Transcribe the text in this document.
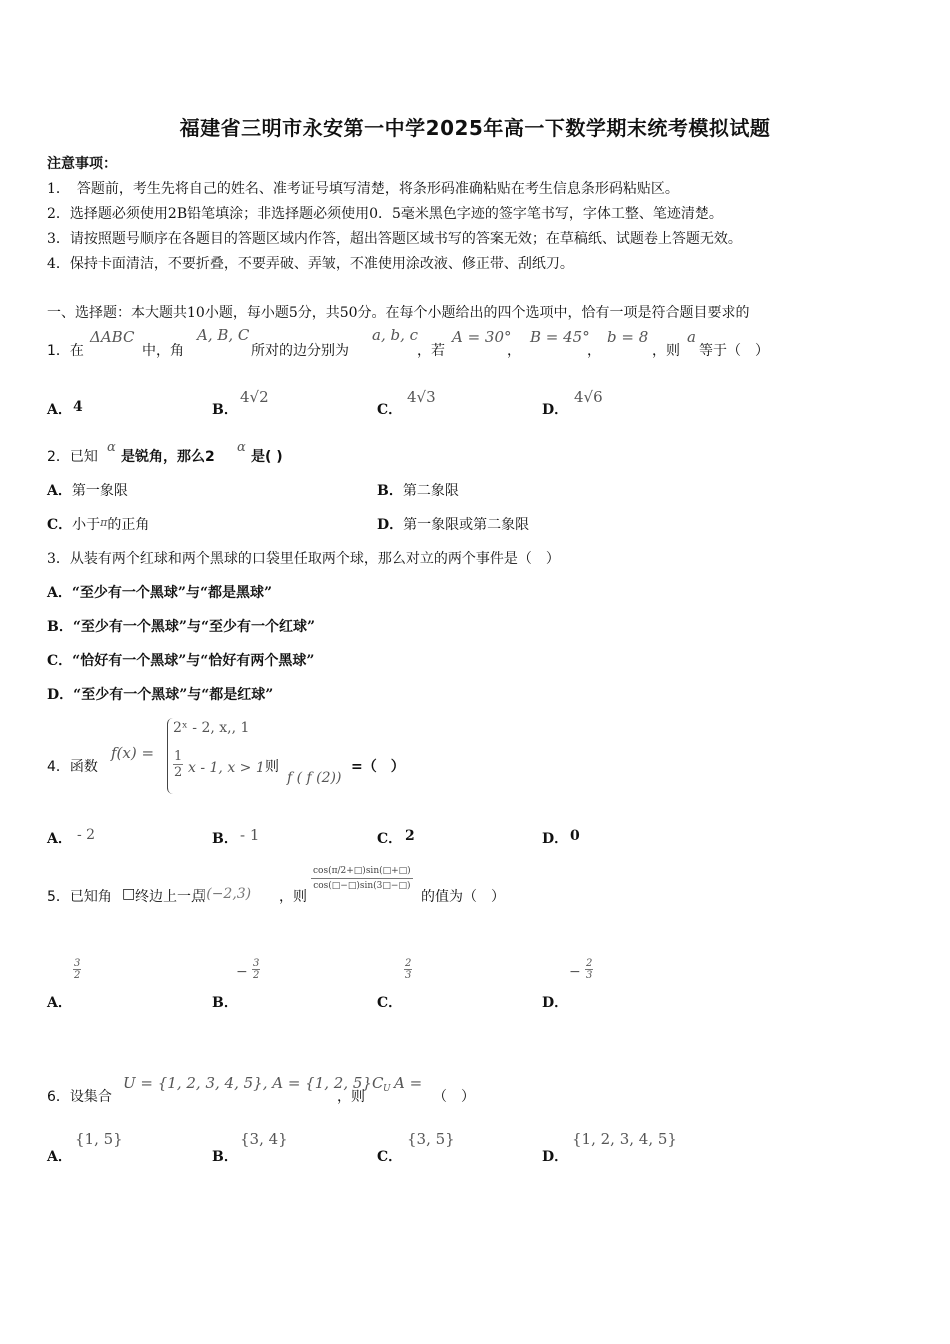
福建省三明市永安第一中学2025年高一下数学期末统考模拟试题
注意事项：
1．　答题前，考生先将自己的姓名、准考证号填写清楚，将条形码准确粘贴在考生信息条形码粘贴区。
2．选择题必须使用2B铅笔填涂；非选择题必须使用0．5毫米黑色字迹的签字笔书写，字体工整、笔迹清楚。
3．请按照题号顺序在各题目的答题区域内作答，超出答题区域书写的答案无效；在草稿纸、试题卷上答题无效。
4．保持卡面清洁，不要折叠，不要弄破、弄皱，不准使用涂改液、修正带、刮纸刀。
一、选择题：本大题共10小题，每小题5分，共50分。在每个小题给出的四个选项中，恰有一项是符合题目要求的
1．在
ΔABC
中，角
A, B, C
所对的边分别为
a, b, c
，若
A = 30°
，
B = 45°
，
b = 8
，则
a
等于（　）
A． 4	B．
4√2
C．
4√3
D．
4√6
2．已知
α
是锐角，那么2
α
是( )
A．第一象限	B．第二象限
C．小于$^\pi$的正角	D．第一象限或第二象限
3．从装有两个红球和两个黑球的口袋里任取两个球，那么对立的两个事件是（　）
A．“至少有一个黑球”与“都是黑球”
B．“至少有一个黑球”与“至少有一个红球”
C．“恰好有一个黑球”与“恰好有两个黑球”
D．“至少有一个黑球”与“都是红球”
4．函数
f(x) =
2ˣ - 2, x,, 1
$\frac{1}{2}$ x - 1, x > 1 则
f ( f (2))
=（　）
A． - 2	B． - 1	C． 2	D． 0
5．已知角 □ 终边上一点
□(−2,3) ，则
$\frac{\cos(\pi/2+□)\sin(□+□)}{\cos(□-□)\sin(3□-□)}$
的值为（　）
$\frac{3}{2}$
A．
− $\frac{3}{2}$
B．
$\frac{2}{3}$
C．
− $\frac{2}{3}$
D．
6．设集合
U = {1, 2, 3, 4, 5}, A = {1, 2, 5}
，则
C U A =
（　）
{1, 5}
A．
{3, 4}
B．
{3, 5}
C．
{1, 2, 3, 4, 5}
D．
